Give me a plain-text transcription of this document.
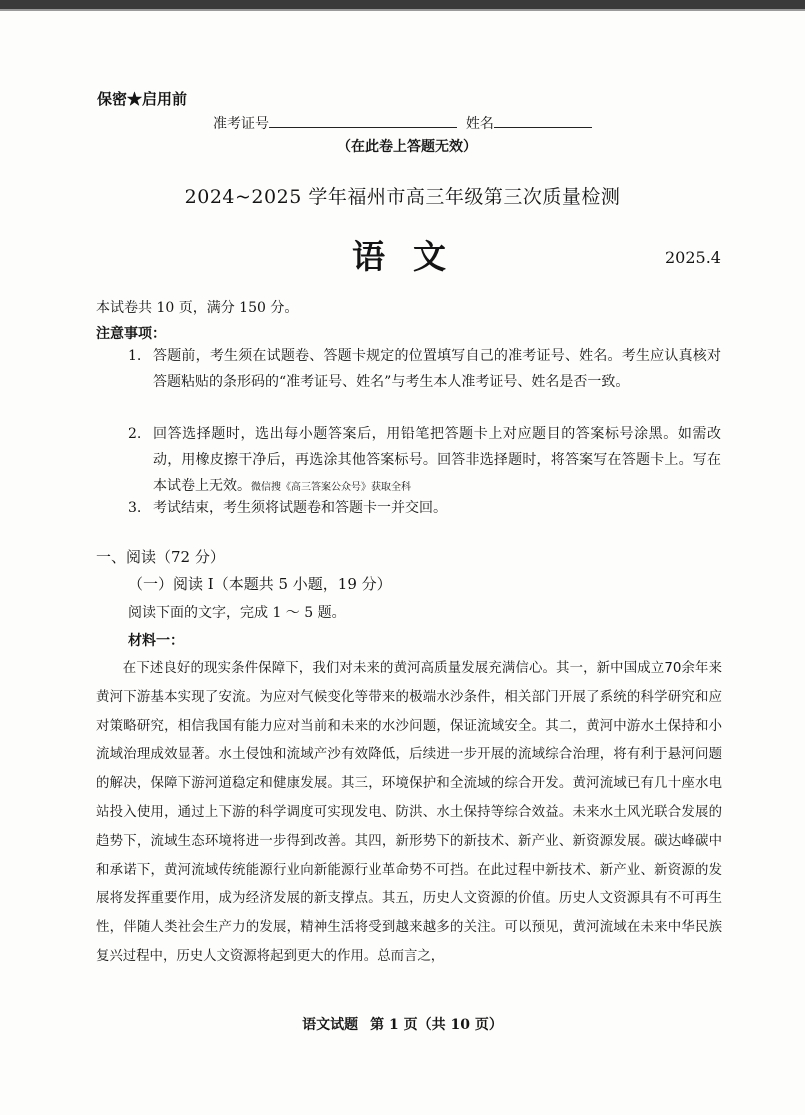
保密★启用前
准考证号	姓名
（在此卷上答题无效）
2024~2025 学年福州市高三年级第三次质量检测
语文	2025.4
本试卷共 10 页，满分 150 分。
注意事项：
1. 答题前，考生须在试题卷、答题卡规定的位置填写自己的准考证号、姓名。考生应认真核对答题粘贴的条形码的“准考证号、姓名”与考生本人准考证号、姓名是否一致。
2. 回答选择题时，选出每小题答案后，用铅笔把答题卡上对应题目的答案标号涂黑。如需改动，用橡皮擦干净后，再选涂其他答案标号。回答非选择题时，将答案写在答题卡上。写在本试卷上无效。微信搜《高三答案公众号》获取全科
3. 考试结束，考生须将试题卷和答题卡一并交回。
一、阅读（72 分）
（一）阅读 I（本题共 5 小题，19 分）
阅读下面的文字，完成 1 ～ 5 题。
材料一：
在下述良好的现实条件保障下，我们对未来的黄河高质量发展充满信心。其一，新中国成立70余年来黄河下游基本实现了安流。为应对气候变化等带来的极端水沙条件，相关部门开展了系统的科学研究和应对策略研究，相信我国有能力应对当前和未来的水沙问题，保证流域安全。其二，黄河中游水土保持和小流域治理成效显著。水土侵蚀和流域产沙有效降低，后续进一步开展的流域综合治理，将有利于悬河问题的解决，保障下游河道稳定和健康发展。其三，环境保护和全流域的综合开发。黄河流域已有几十座水电站投入使用，通过上下游的科学调度可实现发电、防洪、水土保持等综合效益。未来水土风光联合发展的趋势下，流域生态环境将进一步得到改善。其四，新形势下的新技术、新产业、新资源发展。碳达峰碳中和承诺下，黄河流域传统能源行业向新能源行业革命势不可挡。在此过程中新技术、新产业、新资源的发展将发挥重要作用，成为经济发展的新支撑点。其五，历史人文资源的价值。历史人文资源具有不可再生性，伴随人类社会生产力的发展，精神生活将受到越来越多的关注。可以预见，黄河流域在未来中华民族复兴过程中，历史人文资源将起到更大的作用。总而言之，
语文试题 第 1 页（共 10 页）
